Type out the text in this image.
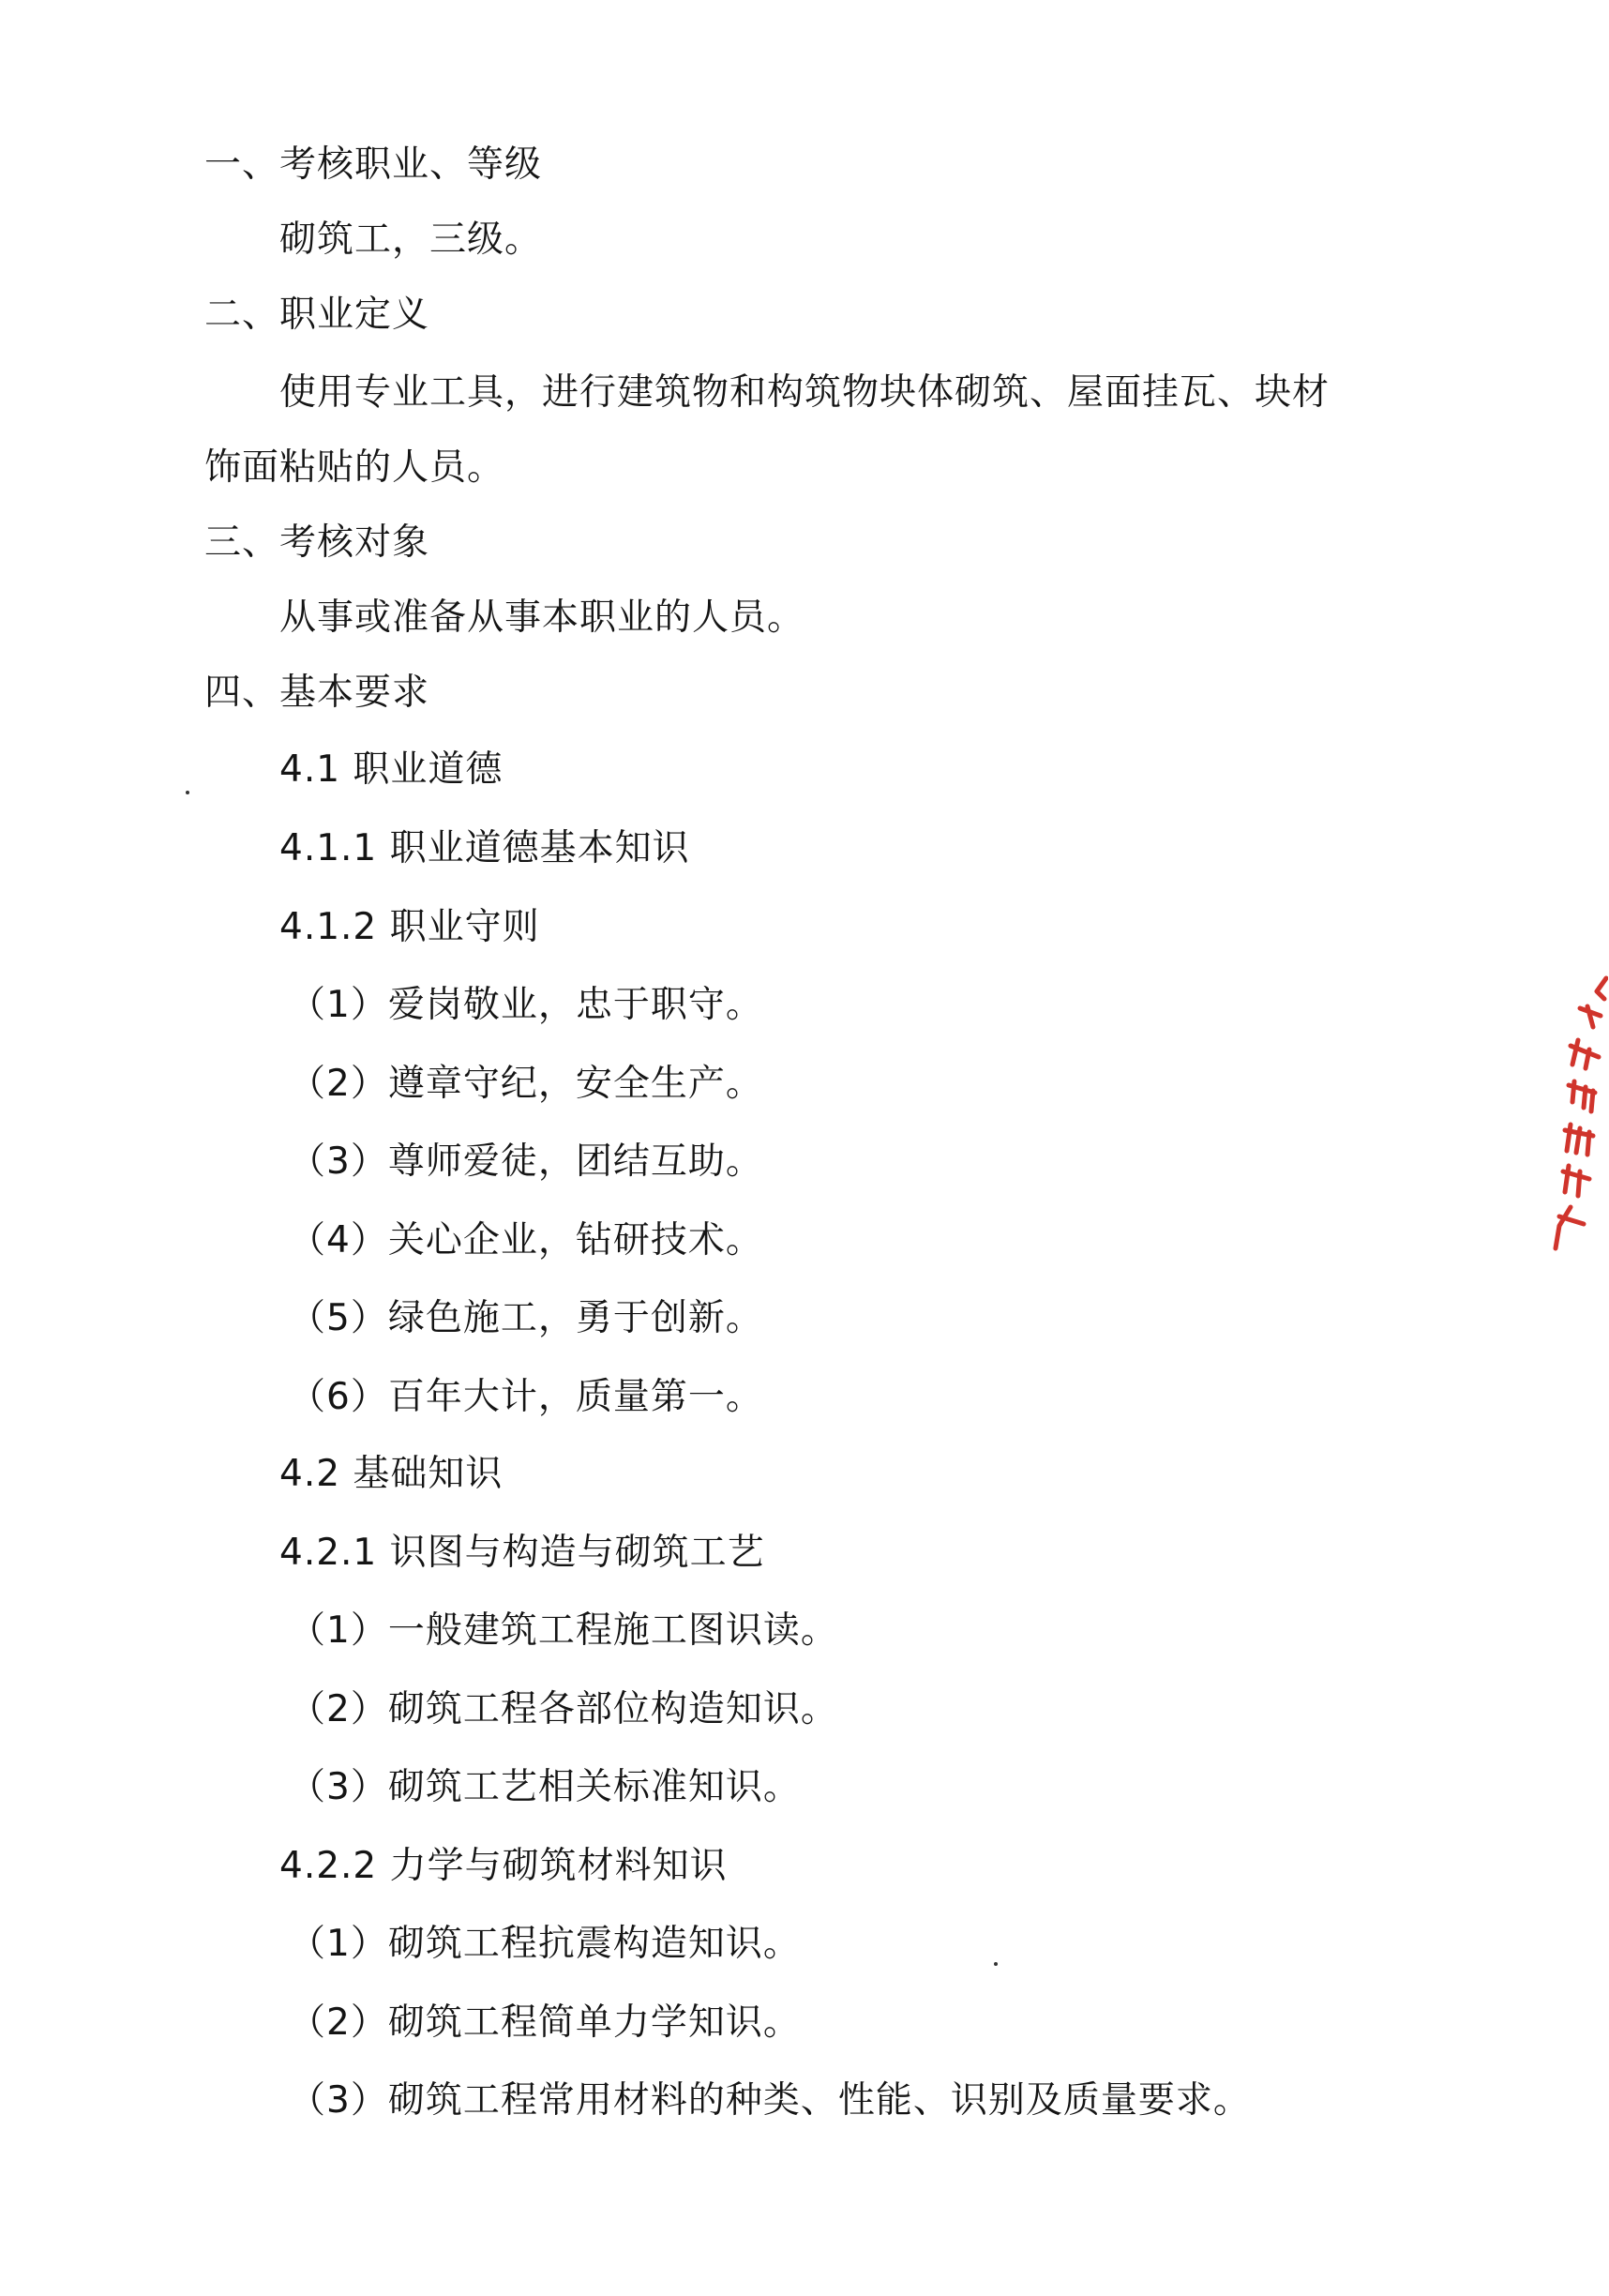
一、考核职业、等级
砌筑工，三级。
二、职业定义
使用专业工具，进行建筑物和构筑物块体砌筑、屋面挂瓦、块材
饰面粘贴的人员。
三、考核对象
从事或准备从事本职业的人员。
四、基本要求
4.1 职业道德
4.1.1 职业道德基本知识
4.1.2 职业守则
（1）爱岗敬业，忠于职守。
（2）遵章守纪，安全生产。
（3）尊师爱徒，团结互助。
（4）关心企业，钻研技术。
（5）绿色施工，勇于创新。
（6）百年大计，质量第一。
4.2 基础知识
4.2.1 识图与构造与砌筑工艺
（1）一般建筑工程施工图识读。
（2）砌筑工程各部位构造知识。
（3）砌筑工艺相关标准知识。
4.2.2 力学与砌筑材料知识
（1）砌筑工程抗震构造知识。
（2）砌筑工程简单力学知识。
（3）砌筑工程常用材料的种类、性能、识别及质量要求。
